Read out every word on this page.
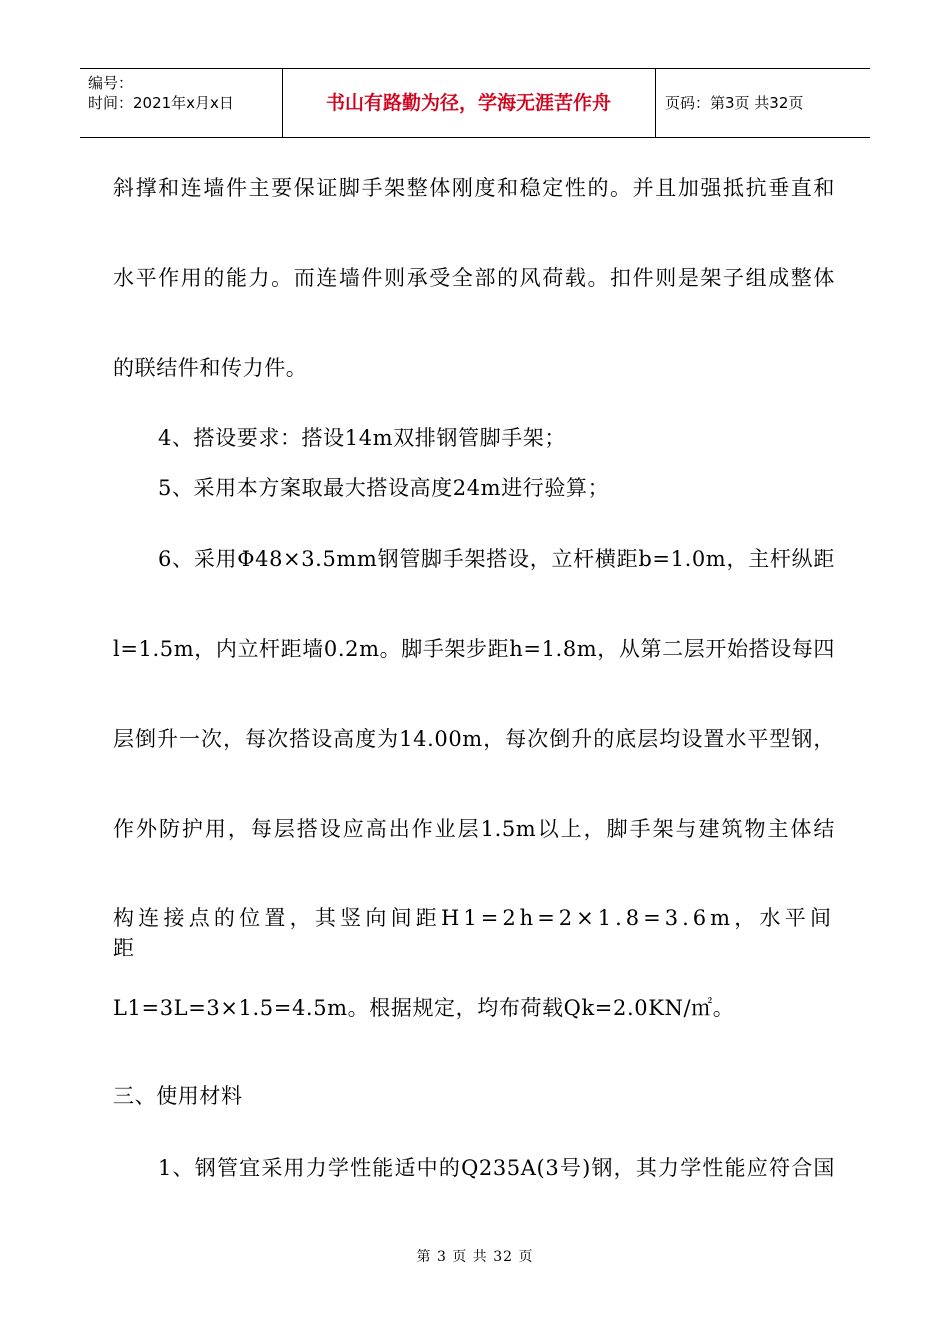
编号：
时间：2021年x月x日	书山有路勤为径，学海无涯苦作舟	页码：第3页 共32页
斜撑和连墙件主要保证脚手架整体刚度和稳定性的。并且加强抵抗垂直和
水平作用的能力。而连墙件则承受全部的风荷载。扣件则是架子组成整体
的联结件和传力件。
4、搭设要求：搭设14m双排钢管脚手架；
5、采用本方案取最大搭设高度24m进行验算；
6、采用Φ48×3.5mm钢管脚手架搭设，立杆横距b=1.0m，主杆纵距
l=1.5m，内立杆距墙0.2m。脚手架步距h=1.8m，从第二层开始搭设每四
层倒升一次，每次搭设高度为14.00m，每次倒升的底层均设置水平型钢，
作外防护用，每层搭设应高出作业层1.5m以上，脚手架与建筑物主体结
构连接点的位置，其竖向间距H1=2h=2×1.8=3.6m，水平间距
L1=3L=3×1.5=4.5m。根据规定，均布荷载Qk=2.0KN/㎡。
三、使用材料
1、钢管宜采用力学性能适中的Q235A(3号)钢，其力学性能应符合国
第 3 页 共 32 页
